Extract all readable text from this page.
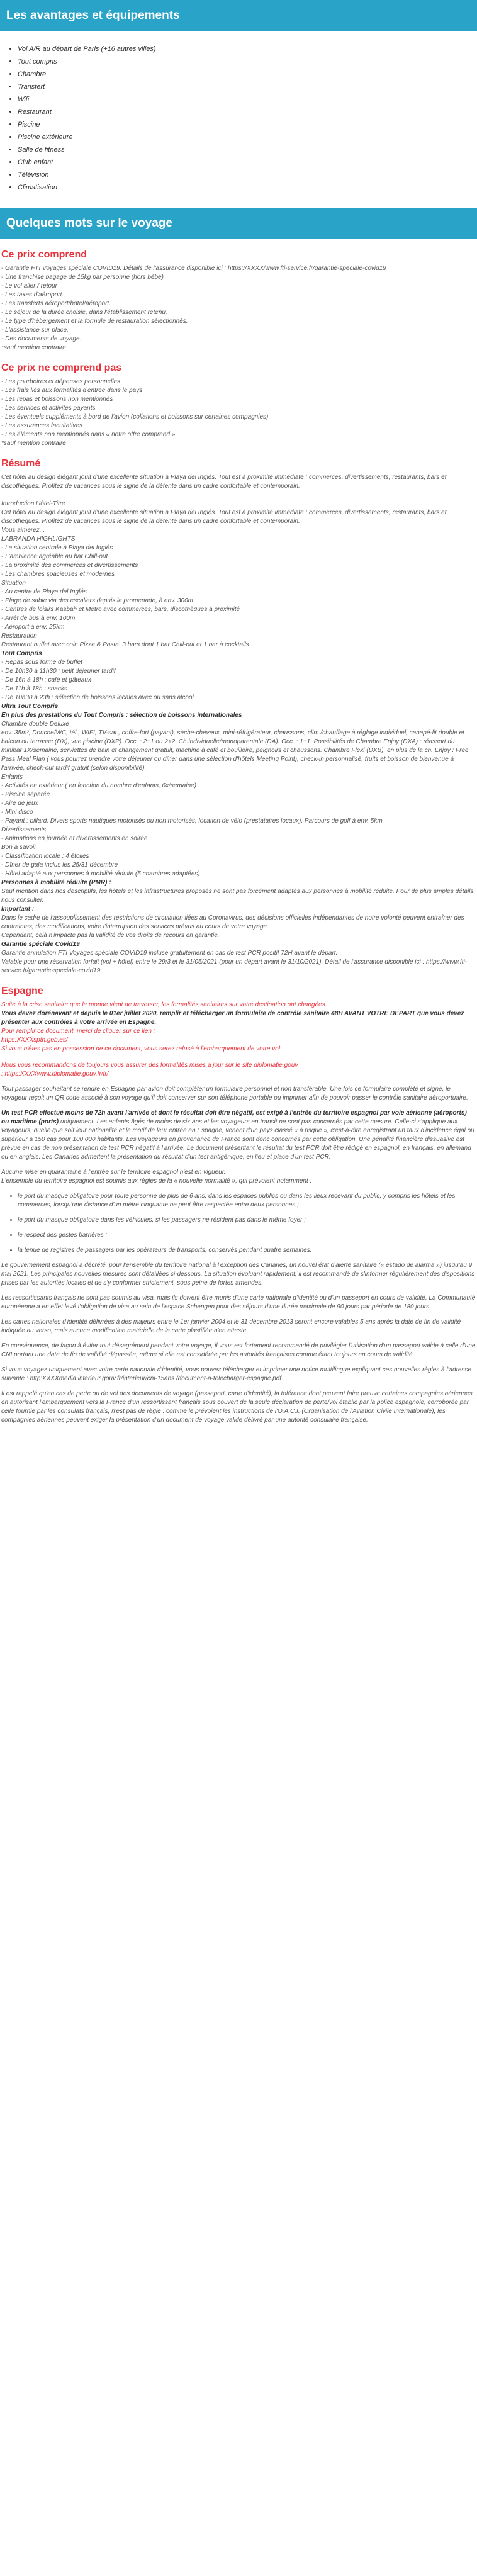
Les avantages et équipements
• Vol A/R au départ de Paris (+16 autres villes)
• Tout compris
• Chambre
• Transfert
• Wifi
• Restaurant
• Piscine
• Piscine extérieure
• Salle de fitness
• Club enfant
• Télévision
• Climatisation
Quelques mots sur le voyage
Ce prix comprend
- Garantie FTI Voyages spéciale COVID19. Détails de l'assurance disponible ici : https://XXXX/www.fti-service.fr/garantie-speciale-covid19
- Une franchise bagage de 15kg par personne (hors bébé)
- Le vol aller / retour
- Les taxes d'aéroport.
- Les transferts aéroport/hôtel/aéroport.
- Le séjour de la durée choisie, dans l'établissement retenu.
- Le type d'hébergement et la formule de restauration sélectionnés.
- L'assistance sur place.
- Des documents de voyage.
*sauf mention contraire
Ce prix ne comprend pas
- Les pourboires et dépenses personnelles
- Les frais liés aux formalités d'entrée dans le pays
- Les repas et boissons non mentionnés
- Les services et activités payants
- Les éventuels suppléments à bord de l'avion (collations et boissons sur certaines compagnies)
- Les assurances facultatives
- Les éléments non mentionnés dans « notre offre comprend »
*sauf mention contraire
Résumé
Cet hôtel au design élégant jouit d'une excellente situation à Playa del Inglés. Tout est à proximité immédiate : commerces, divertissements, restaurants, bars et discothèques. Profitez de vacances sous le signe de la détente dans un cadre confortable et contemporain.
Introduction Hôtel-Titre
Cet hôtel au design élégant jouit d'une excellente situation à Playa del Inglés. Tout est à proximité immédiate : commerces, divertissements, restaurants, bars et discothèques. Profitez de vacances sous le signe de la détente dans un cadre confortable et contemporain.
Vous aimerez...
LABRANDA HIGHLIGHTS
- La situation centrale à Playa del Inglés
- L'ambiance agréable au bar Chill-out
- La proximité des commerces et divertissements
- Les chambres spacieuses et modernes
Situation
- Au centre de Playa del Inglés
- Plage de sable via des escaliers depuis la promenade, à env. 300m
- Centres de loisirs Kasbah et Metro avec commerces, bars, discothèques à proximité
- Arrêt de bus à env. 100m
- Aéroport à env. 25km
Restauration
Restaurant buffet avec coin Pizza & Pasta. 3 bars dont 1 bar Chill-out et 1 bar à cocktails
Tout Compris
- Repas sous forme de buffet
- De 10h30 à 11h30 : petit déjeuner tardif
- De 16h à 18h : café et gâteaux
- De 11h à 18h : snacks
- De 10h30 à 23h : sélection de boissons locales avec ou sans alcool
Ultra Tout Compris
En plus des prestations du Tout Compris : sélection de boissons internationales
Chambre double Deluxe
env. 35m², Douche/WC, tél., WIFI, TV-sat., coffre-fort (payant), sèche-cheveux, mini-réfrigérateur, chaussons, clim./chauffage à réglage individuel, canapé-lit double et balcon ou terrasse (DX), vue piscine (DXP). Occ. : 2+1 ou 2+2. Ch.individuelle/monoparentale (DA). Occ. : 1+1. Possibilités de Chambre Enjoy (DXA) : réassort du minibar 1X/semaine, serviettes de bain et changement gratuit, machine à café et bouilloire, peignoirs et chaussons. Chambre Flexi (DXB), en plus de la ch. Enjoy : Free Pass Meal Plan ( vous pourrez prendre votre déjeuner ou dîner dans une sélection d'hôtels Meeting Point), check-in personnalisé, fruits et boisson de bienvenue à l'arrivée, check-out tardif gratuit (selon disponibilité).
Enfants
- Activités en extérieur ( en fonction du nombre d'enfants, 6x/semaine)
- Piscine séparée
- Aire de jeux
- Mini disco
- Payant : billard. Divers sports nautiques motorisés ou non motorisés, location de vélo (prestataires locaux). Parcours de golf à env. 5km
Divertissements
- Animations en journée et divertissements en soirée
Bon à savoir
- Classification locale : 4 étoiles
- Dîner de gala inclus les 25/31 décembre
- Hôtel adapté aux personnes à mobilité réduite (5 chambres adaptées)
Personnes à mobilité réduite (PMR) :
Sauf mention dans nos descriptifs, les hôtels et les infrastructures proposés ne sont pas forcément adaptés aux personnes à mobilité réduite. Pour de plus amples détails, nous consulter.
Important :
Dans le cadre de l'assouplissement des restrictions de circulation liées au Coronavirus, des décisions officielles indépendantes de notre volonté peuvent entraîner des contraintes, des modifications, voire l'interruption des services prévus au cours de votre voyage.
Cependant, celà n'impacte pas la validité de vos droits de recours en garantie.
Garantie spéciale Covid19
Garantie annulation FTI Voyages spéciale COVID19 incluse gratuitement en cas de test PCR positif 72H avant le départ.
Valable pour une réservation forfait (vol + hôtel) entre le 29/3 et le 31/05/2021 (pour un départ avant le 31/10/2021). Détail de l'assurance disponible ici : https://www.fti-service.fr/garantie-speciale-covid19
Espagne
Suite à la crise sanitaire que le monde vient de traverser, les formalités sanitaires sur votre destination ont changées.
Vous devez dorénavant et depuis le 01er juillet 2020, remplir et télécharger un formulaire de contrôle sanitaire 48H AVANT VOTRE DEPART que vous devez présenter aux contrôles à votre arrivée en Espagne.
Pour remplir ce document, merci de cliquer sur ce lien :
https:XXXXspth.gob.es/
Si vous n'êtes pas en possession de ce document, vous serez refusé à l'embarquement de votre vol.
Nous vous recommandons de toujours vous assurer des formalités mises à jour sur le site diplomatie.gouv.
: https:XXXXwww.diplomatie.gouv.fr/fr/

Tout passager souhaitant se rendre en Espagne par avion doit compléter un formulaire personnel et non transférable. Une fois ce formulaire complété et signé, le voyageur reçoit un QR code associé à son voyage qu'il doit conserver sur son téléphone portable ou imprimer afin de pouvoir passer le contrôle sanitaire aéroportuaire.

Un test PCR effectué moins de 72h avant l'arrivée et dont le résultat doit être négatif, est exigé à l'entrée du territoire espagnol par voie aérienne (aéroports) ou maritime (ports) uniquement. Les enfants âgés de moins de six ans et les voyageurs en transit ne sont pas concernés par cette mesure. Celle-ci s'applique aux voyageurs, quelle que soit leur nationalité et le motif de leur entrée en Espagne, venant d'un pays classé « à risque », c'est-à-dire enregistrant un taux d'incidence égal ou supérieur à 150 cas pour 100 000 habitants. Les voyageurs en provenance de France sont donc concernés par cette obligation. Une pénalité financière dissuasive est prévue en cas de non présentation de test PCR négatif à l'arrivée. Le document présentant le résultat du test PCR doit être rédigé en espagnol, en français, en allemand ou en anglais. Les Canaries admettent la présentation du résultat d'un test antigénique, en lieu et place d'un test PCR.

Aucune mise en quarantaine à l'entrée sur le territoire espagnol n'est en vigueur.

L'ensemble du territoire espagnol est soumis aux règles de la « nouvelle normalité », qui prévoient notamment :

• le port du masque obligatoire pour toute personne de plus de 6 ans, dans les espaces publics ou dans les lieux recevant du public, y compris les hôtels et les commerces, lorsqu'une distance d'un mètre cinquante ne peut être respectée entre deux personnes ;
• le port du masque obligatoire dans les véhicules, si les passagers ne résident pas dans le même foyer ;
• le respect des gestes barrières ;
• la tenue de registres de passagers par les opérateurs de transports, conservés pendant quatre semaines.

Le gouvernement espagnol a décrété, pour l'ensemble du territoire national à l'exception des Canaries, un nouvel état d'alerte sanitaire (« estado de alarma ») jusqu'au 9 mai 2021. Les principales nouvelles mesures sont détaillées ci-dessous. La situation évoluant rapidement, il est recommandé de s'informer régulièrement des dispositions prises par les autorités locales et de s'y conformer strictement, sous peine de fortes amendes.

Les ressortissants français ne sont pas soumis au visa, mais ils doivent être munis d'une carte nationale d'identité ou d'un passeport en cours de validité. La Communauté européenne a en effet levé l'obligation de visa au sein de l'espace Schengen pour des séjours d'une durée maximale de 90 jours par période de 180 jours.

Les cartes nationales d'identité délivrées à des majeurs entre le 1er janvier 2004 et le 31 décembre 2013 seront encore valables 5 ans après la date de fin de validité indiquée au verso, mais aucune modification matérielle de la carte plastifiée n'en atteste.

En conséquence, de façon à éviter tout désagrément pendant votre voyage, il vous est fortement recommandé de privilégier l'utilisation d'un passeport valide à celle d'une CNI portant une date de fin de validité dépassée, même si elle est considérée par les autorités françaises comme étant toujours en cours de validité.

Si vous voyagez uniquement avec votre carte nationale d'identité, vous pouvez télécharger et imprimer une notice multilingue expliquant ces nouvelles règles à l'adresse suivante : http:XXXXmedia.interieur.gouv.fr/interieur/cni-15ans /document-a-telecharger-espagne.pdf.

Il est rappelé qu'en cas de perte ou de vol des documents de voyage (passeport, carte d'identité), la tolérance dont peuvent faire preuve certaines compagnies aériennes en autorisant l'embarquement vers la France d'un ressortissant français sous couvert de la seule déclaration de perte/vol établie par la police espagnole, corroborée par celle fournie par les consulats français, n'est pas de règle : comme le prévoient les instructions de l'O.A.C.I. (Organisation de l'Aviation Civile Internationale), les compagnies aériennes peuvent exiger la présentation d'un document de voyage valide délivré par une autorité consulaire française.
